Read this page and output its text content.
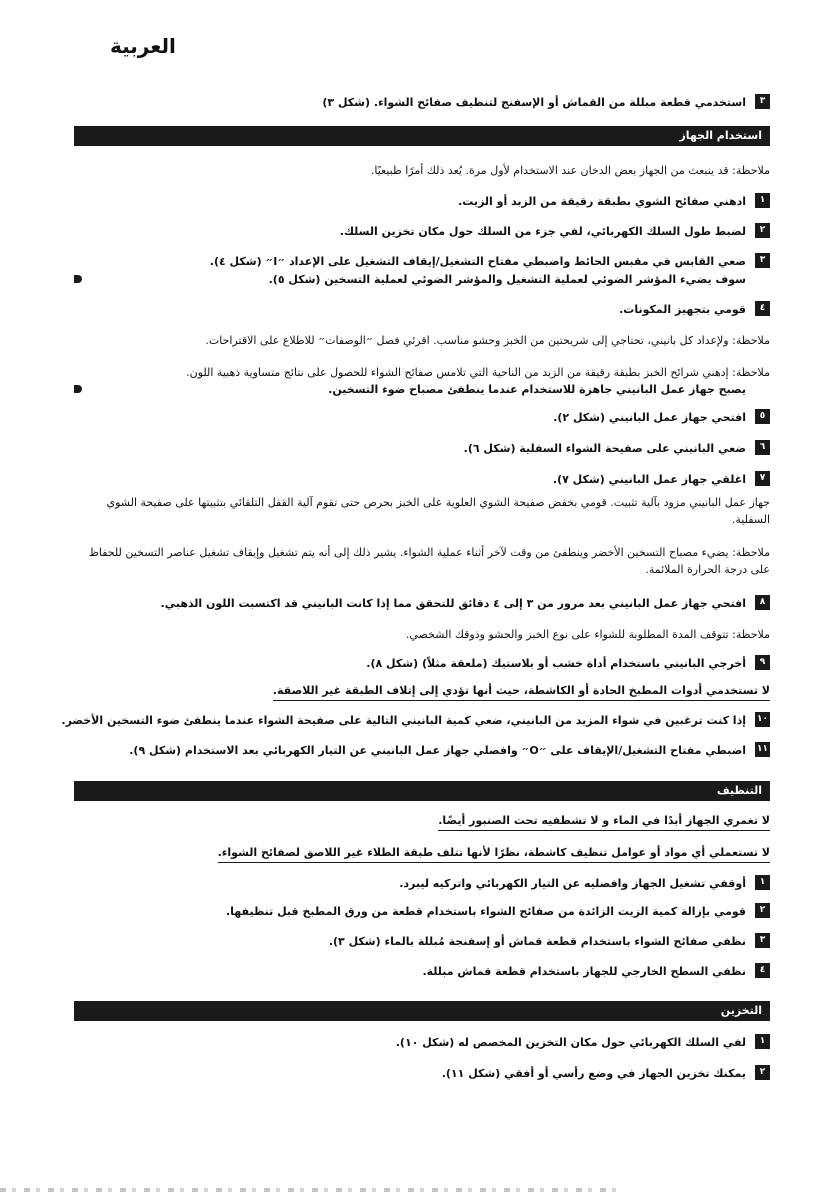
العربية
٣
استخدمي قطعة مبللة من القماش أو الإسفنج لتنظيف صفائح الشواء. (شكل ٣)
استخدام الجهاز
ملاحظة: قد ينبعث من الجهاز بعض الدخان عند الاستخدام لأول مرة. يُعد ذلك أمرًا طبيعيًا.
١
ادهني صفائح الشوي بطبقة رقيقة من الزبد أو الزيت.
٢
لضبط طول السلك الكهربائي، لفي جزء من السلك حول مكان تخزين السلك.
٣
ضعي القابس في مقبس الحائط واضبطي مفتاح التشغيل/إيقاف التشغيل على الإعداد ״I״ (شكل ٤).
سوف يضيء المؤشر الضوئي لعملية التشغيل والمؤشر الضوئي لعملية التسخين (شكل ٥).
٤
قومي بتجهيز المكونات.
ملاحظة: ولإعداد كل بانيني، تحتاجي إلى شريحتين من الخبز وحشو مناسب. اقرئي فصل ״الوصفات״ للاطلاع على الاقتراحات.
ملاحظة: إدهني شرائح الخبز بطبقة رقيقة من الزبد من الناحية التي تلامس صفائح الشواء للحصول على نتائج متساوية ذهبية اللون.
يصبح جهاز عمل البانيني جاهزة للاستخدام عندما ينطفئ مصباح ضوء التسخين.
٥
افتحي جهاز عمل البانيني (شكل ٢).
٦
ضعي البانيني على صفيحة الشواء السفلية (شكل ٦).
٧
اغلقي جهاز عمل البانيني (شكل ٧).
جهاز عمل البانيني مزود بآلية تثبيت. قومي بخفض صفيحة الشوي العلوية على الخبز بحرص حتى تقوم آلية القفل التلقائي بتثبيتها على صفيحة الشوي السفلية.
ملاحظة: يضيء مصباح التسخين الأخضر وينطفئ من وقت لآخر أثناء عملية الشواء. يشير ذلك إلى أنه يتم تشغيل وإيقاف تشغيل عناصر التسخين للحفاظ على درجة الحرارة الملائمة.
٨
افتحي جهاز عمل البانيني بعد مرور من ٣ إلى ٤ دقائق للتحقق مما إذا كانت البانيني قد اكتسبت اللون الذهبي.
ملاحظة: تتوقف المدة المطلوبة للشواء على نوع الخبز والحشو وذوقك الشخصي.
٩
أخرجي البانيني باستخدام أداة خشب أو بلاستيك (ملعقة مثلاً) (شكل ٨).
لا تستخدمي أدوات المطبخ الحادة أو الكاشطة، حيث أنها تؤدي إلى إتلاف الطبقة غير اللاصقة.
١٠
إذا كنت ترغبين في شواء المزيد من البانيني، ضعي كمية البانيني التالية على صفيحة الشواء عندما ينطفئ ضوء التسخين الأخضر.
١١
اضبطي مفتاح التشغيل/الإيقاف على ״O״ وافصلي جهاز عمل البانيني عن التيار الكهربائي بعد الاستخدام (شكل ٩).
التنظيف
لا تغمري الجهاز أبدًا في الماء و لا تشطفيه تحت الصنبور أيضًا.
لا تستعملي أي مواد أو عوامل تنظيف كاشطة، نظرًا لأنها تتلف طبقة الطلاء غير اللاصق لصفائح الشواء.
١
أوقفي تشغيل الجهاز وافصليه عن التيار الكهربائي واتركيه ليبرد.
٢
قومي بإزالة كمية الزيت الزائدة من صفائح الشواء باستخدام قطعة من ورق المطبخ قبل تنظيفها.
٣
نظفي صفائح الشواء باستخدام قطعة قماش أو إسفنجة مُبللة بالماء (شكل ٣).
٤
نظفي السطح الخارجي للجهاز باستخدام قطعة قماش مبللة.
التخزين
١
لفي السلك الكهربائي حول مكان التخزين المخصص له (شكل ١٠).
٢
يمكنك تخزين الجهاز في وضع رأسي أو أفقي (شكل ١١).
